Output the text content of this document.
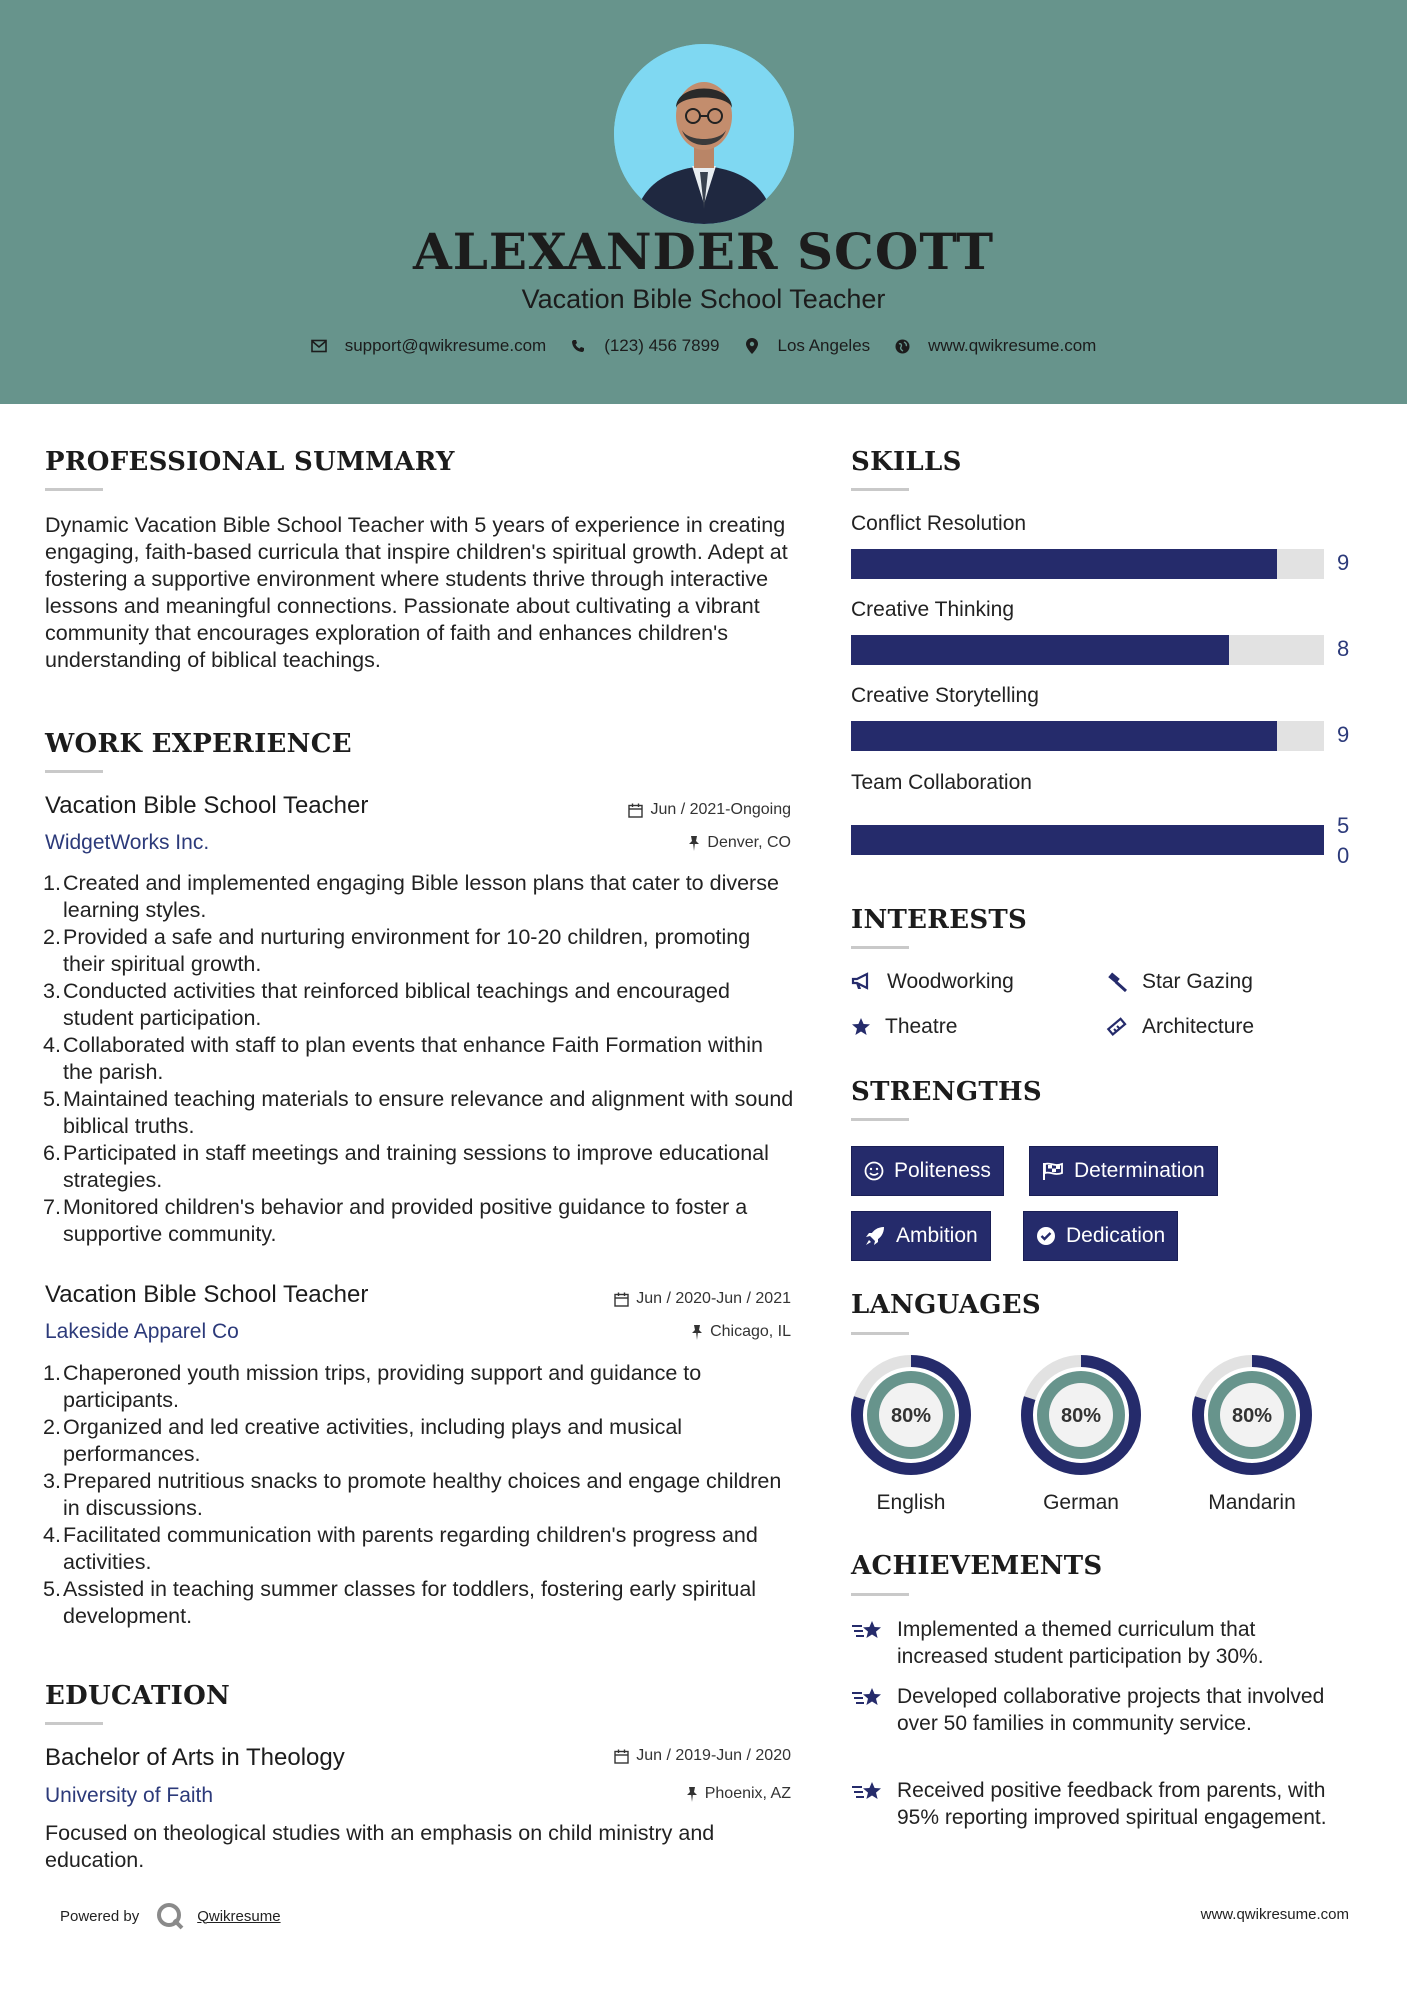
ALEXANDER SCOTT
Vacation Bible School Teacher
support@qwikresume.com	(123) 456 7899	Los Angeles	www.qwikresume.com
PROFESSIONAL SUMMARY
Dynamic Vacation Bible School Teacher with 5 years of experience in creating engaging, faith-based curricula that inspire children's spiritual growth. Adept at fostering a supportive environment where students thrive through interactive lessons and meaningful connections. Passionate about cultivating a vibrant community that encourages exploration of faith and enhances children's understanding of biblical teachings.
WORK EXPERIENCE
Vacation Bible School Teacher	Jun / 2021-Ongoing
WidgetWorks Inc.	Denver, CO
1. Created and implemented engaging Bible lesson plans that cater to diverse learning styles.
2. Provided a safe and nurturing environment for 10-20 children, promoting their spiritual growth.
3. Conducted activities that reinforced biblical teachings and encouraged student participation.
4. Collaborated with staff to plan events that enhance Faith Formation within the parish.
5. Maintained teaching materials to ensure relevance and alignment with sound biblical truths.
6. Participated in staff meetings and training sessions to improve educational strategies.
7. Monitored children's behavior and provided positive guidance to foster a supportive community.
Vacation Bible School Teacher	Jun / 2020-Jun / 2021
Lakeside Apparel Co	Chicago, IL
1. Chaperoned youth mission trips, providing support and guidance to participants.
2. Organized and led creative activities, including plays and musical performances.
3. Prepared nutritious snacks to promote healthy choices and engage children in discussions.
4. Facilitated communication with parents regarding children's progress and activities.
5. Assisted in teaching summer classes for toddlers, fostering early spiritual development.
EDUCATION
Bachelor of Arts in Theology	Jun / 2019-Jun / 2020
University of Faith	Phoenix, AZ
Focused on theological studies with an emphasis on child ministry and education.
SKILLS
Conflict Resolution
9
Creative Thinking
8
Creative Storytelling
9
Team Collaboration
50
INTERESTS
Woodworking	Star Gazing
Theatre	Architecture
STRENGTHS
Politeness	Determination
Ambition	Dedication
LANGUAGES
80%
English
80%
German
80%
Mandarin
ACHIEVEMENTS
Implemented a themed curriculum that increased student participation by 30%.
Developed collaborative projects that involved over 50 families in community service.
Received positive feedback from parents, with 95% reporting improved spiritual engagement.
Powered by	Qwikresume	www.qwikresume.com
